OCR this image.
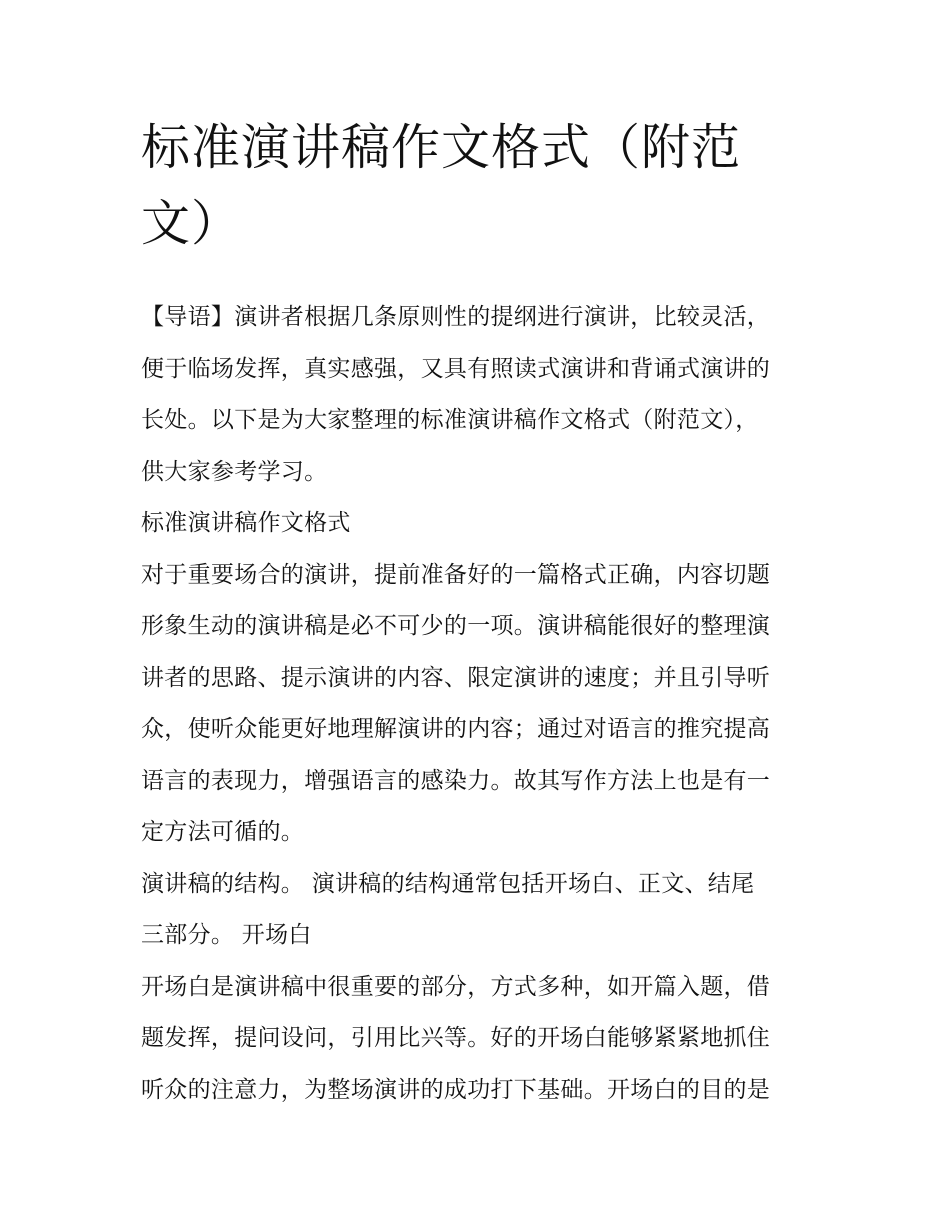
标准演讲稿作文格式（附范
文）

【导语】演讲者根据几条原则性的提纲进行演讲，比较灵活，
便于临场发挥，真实感强，又具有照读式演讲和背诵式演讲的
长处。以下是为大家整理的标准演讲稿作文格式（附范文），
供大家参考学习。

标准演讲稿作文格式

对于重要场合的演讲，提前准备好的一篇格式正确，内容切题
形象生动的演讲稿是必不可少的一项。演讲稿能很好的整理演
讲者的思路、提示演讲的内容、限定演讲的速度；并且引导听
众，使听众能更好地理解演讲的内容；通过对语言的推究提高
语言的表现力，增强语言的感染力。故其写作方法上也是有一
定方法可循的。

演讲稿的结构。 演讲稿的结构通常包括开场白、正文、结尾
三部分。 开场白

开场白是演讲稿中很重要的部分，方式多种，如开篇入题，借
题发挥，提问设问，引用比兴等。好的开场白能够紧紧地抓住
听众的注意力，为整场演讲的成功打下基础。开场白的目的是
